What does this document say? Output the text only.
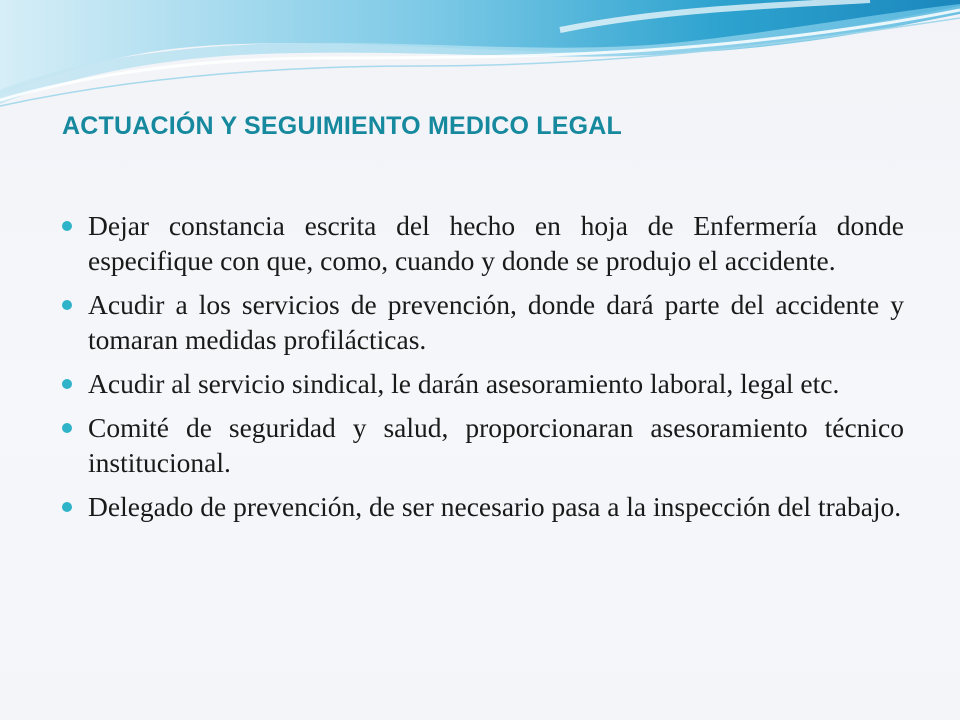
ACTUACIÓN Y SEGUIMIENTO MEDICO LEGAL
Dejar constancia escrita del hecho en hoja de Enfermería donde especifique con que, como, cuando y donde se produjo el accidente.
Acudir a los servicios de prevención, donde dará parte del accidente y tomaran medidas profilácticas.
Acudir al servicio sindical, le darán asesoramiento laboral, legal etc.
Comité de seguridad y salud, proporcionaran asesoramiento técnico institucional.
Delegado de prevención, de ser necesario pasa a la inspección del trabajo.
